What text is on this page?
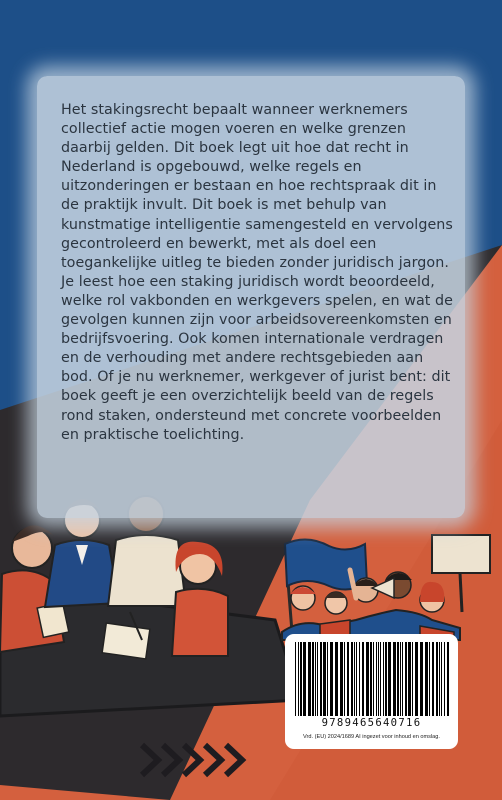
Het stakingsrecht bepaalt wanneer werknemers collectief actie mogen voeren en welke grenzen daarbij gelden. Dit boek legt uit hoe dat recht in Nederland is opgebouwd, welke regels en uitzonderingen er bestaan en hoe rechtspraak dit in de praktijk invult. Dit boek is met behulp van kunstmatige intelligentie samengesteld en vervolgens gecontroleerd en bewerkt, met als doel een toegankelijke uitleg te bieden zonder juridisch jargon. Je leest hoe een staking juridisch wordt beoordeeld, welke rol vakbonden en werkgevers spelen, en wat de gevolgen kunnen zijn voor arbeidsovereenkomsten en bedrijfsvoering. Ook komen internationale verdragen en de verhouding met andere rechtsgebieden aan bod. Of je nu werknemer, werkgever of jurist bent: dit boek geeft je een overzichtelijk beeld van de regels rond staken, ondersteund met concrete voorbeelden en praktische toelichting.

9789465640716
Vrd. (EU) 2024/1689 AI ingezet voor inhoud en omslag.
